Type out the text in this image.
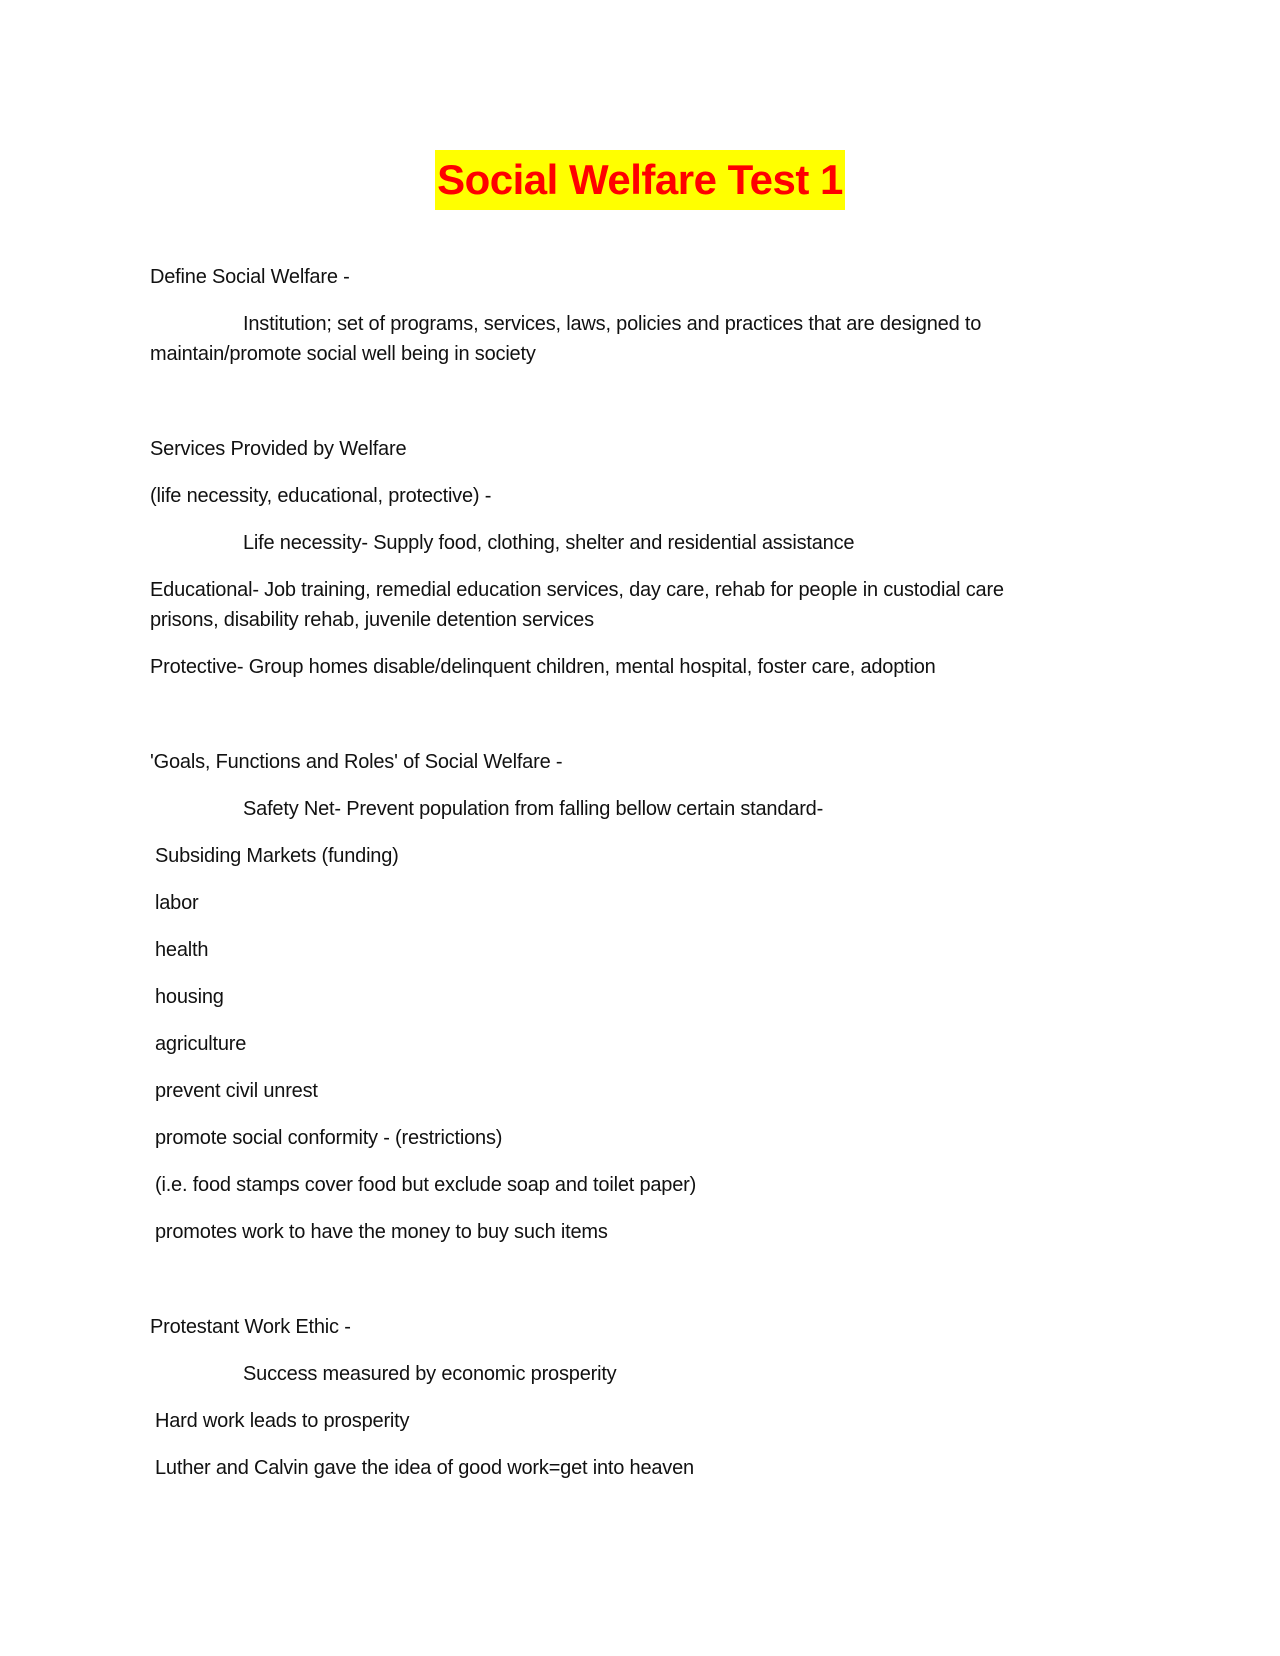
Social Welfare Test 1
Define Social Welfare -
Institution; set of programs, services, laws, policies and practices that are designed to
maintain/promote social well being in society
Services Provided by Welfare
(life necessity, educational, protective) -
Life necessity- Supply food, clothing, shelter and residential assistance
Educational- Job training, remedial education services, day care, rehab for people in custodial care
prisons, disability rehab, juvenile detention services
Protective- Group homes disable/delinquent children, mental hospital, foster care, adoption
'Goals, Functions and Roles' of Social Welfare -
Safety Net- Prevent population from falling bellow certain standard-
Subsiding Markets (funding)
labor
health
housing
agriculture
prevent civil unrest
promote social conformity - (restrictions)
(i.e. food stamps cover food but exclude soap and toilet paper)
promotes work to have the money to buy such items
Protestant Work Ethic -
Success measured by economic prosperity
Hard work leads to prosperity
Luther and Calvin gave the idea of good work=get into heaven
